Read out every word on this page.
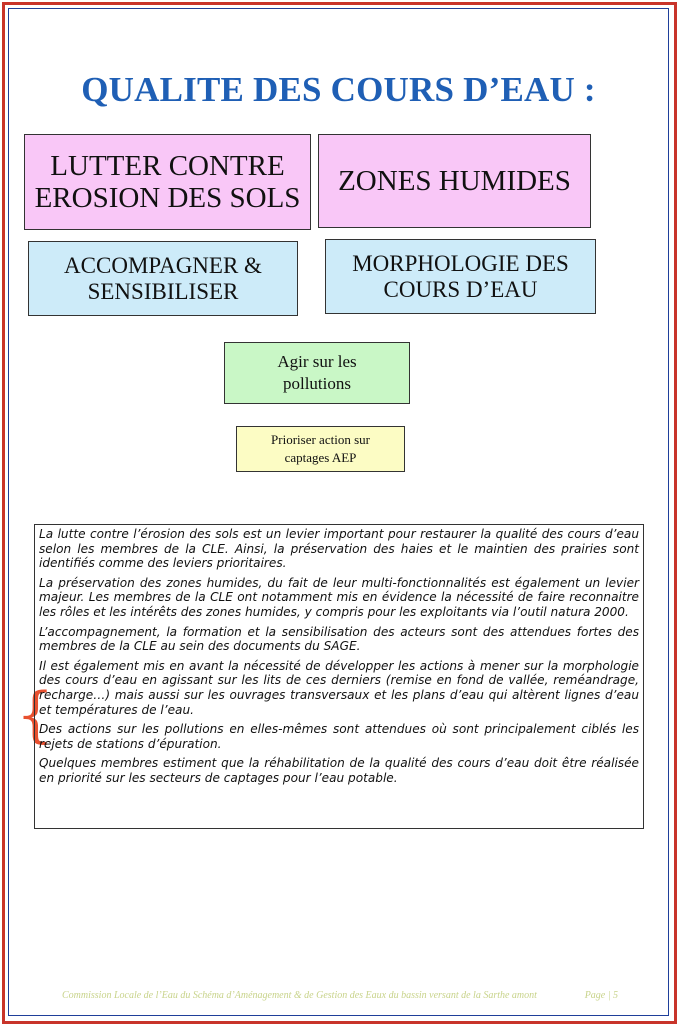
QUALITE DES COURS D’EAU :
LUTTER CONTRE
EROSION DES SOLS
ZONES HUMIDES
ACCOMPAGNER &
SENSIBILISER
MORPHOLOGIE DES
COURS D’EAU
Agir sur les
pollutions
Prioriser action sur
captages AEP
{

La lutte contre l’érosion des sols est un levier important pour restaurer la qualité des cours d’eau selon les membres de la CLE. Ainsi, la préservation des haies et le maintien des prairies sont identifiés comme des leviers prioritaires.

La préservation des zones humides, du fait de leur multi-fonctionnalités est également un levier majeur. Les membres de la CLE ont notamment mis en évidence la nécessité de faire reconnaitre les rôles et les intérêts des zones humides, y compris pour les exploitants via l’outil natura 2000.

L’accompagnement, la formation et la sensibilisation des acteurs sont des attendues fortes des membres de la CLE au sein des documents du SAGE.

Il est également mis en avant la nécessité de développer les actions à mener sur la morphologie des cours d’eau en agissant sur les lits de ces derniers (remise en fond de vallée, reméandrage, recharge…) mais aussi sur les ouvrages transversaux et les plans d’eau qui altèrent lignes d’eau et températures de l’eau.

Des actions sur les pollutions en elles-mêmes sont attendues où sont principalement ciblés les rejets de stations d’épuration.

Quelques membres estiment que la réhabilitation de la qualité des cours d’eau doit être réalisée en priorité sur les secteurs de captages pour l’eau potable.

Commission Locale de l’Eau du Schéma d’Aménagement & de Gestion des Eaux du bassin versant de la Sarthe amont	Page | 5
